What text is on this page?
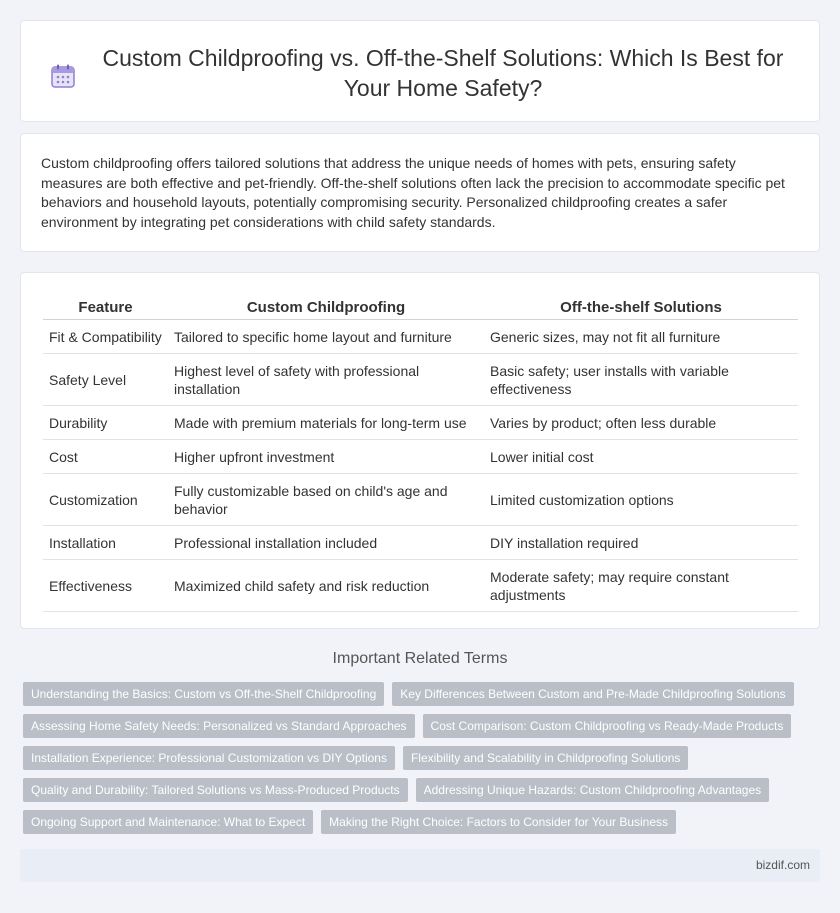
Custom Childproofing vs. Off-the-Shelf Solutions: Which Is Best for Your Home Safety?

Custom childproofing offers tailored solutions that address the unique needs of homes with pets, ensuring safety measures are both effective and pet-friendly. Off-the-shelf solutions often lack the precision to accommodate specific pet behaviors and household layouts, potentially compromising security. Personalized childproofing creates a safer environment by integrating pet considerations with child safety standards.

Feature	Custom Childproofing	Off-the-shelf Solutions
Fit & Compatibility	Tailored to specific home layout and furniture	Generic sizes, may not fit all furniture
Safety Level	Highest level of safety with professional installation	Basic safety; user installs with variable effectiveness
Durability	Made with premium materials for long-term use	Varies by product; often less durable
Cost	Higher upfront investment	Lower initial cost
Customization	Fully customizable based on child's age and behavior	Limited customization options
Installation	Professional installation included	DIY installation required
Effectiveness	Maximized child safety and risk reduction	Moderate safety; may require constant adjustments
Important Related Terms
Understanding the Basics: Custom vs Off-the-Shelf Childproofing	Key Differences Between Custom and Pre-Made Childproofing Solutions
Assessing Home Safety Needs: Personalized vs Standard Approaches	Cost Comparison: Custom Childproofing vs Ready-Made Products
Installation Experience: Professional Customization vs DIY Options	Flexibility and Scalability in Childproofing Solutions
Quality and Durability: Tailored Solutions vs Mass-Produced Products	Addressing Unique Hazards: Custom Childproofing Advantages
Ongoing Support and Maintenance: What to Expect	Making the Right Choice: Factors to Consider for Your Business
bizdif.com
